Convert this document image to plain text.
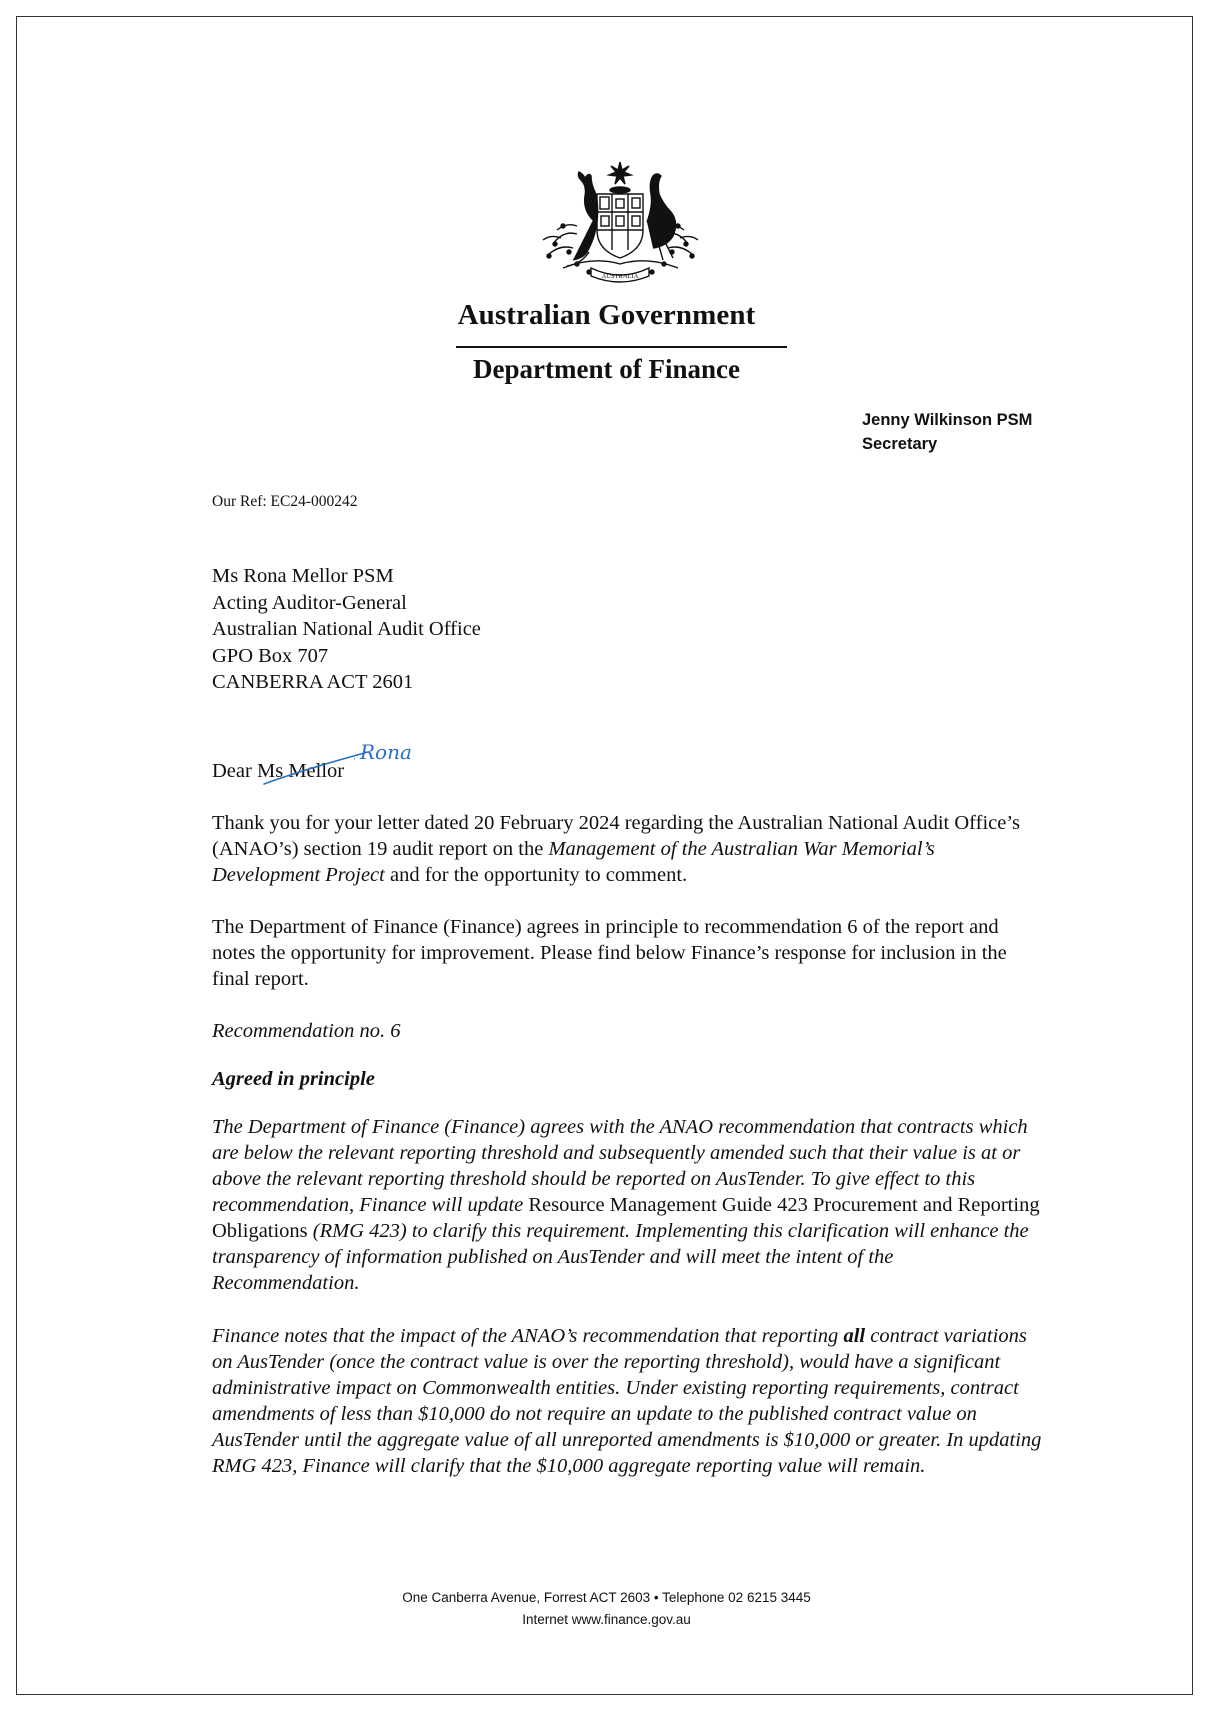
AUSTRALIA
Australian Government
Department of Finance
Jenny Wilkinson PSM
Secretary
Our Ref: EC24-000242
Ms Rona Mellor PSM
Acting Auditor-General
Australian National Audit Office
GPO Box 707
CANBERRA ACT 2601
Dear Ms Mellor
Rona
Thank you for your letter dated 20 February 2024 regarding the Australian National Audit Office’s (ANAO’s) section 19 audit report on the Management of the Australian War Memorial’s Development Project and for the opportunity to comment.
The Department of Finance (Finance) agrees in principle to recommendation 6 of the report and notes the opportunity for improvement. Please find below Finance’s response for inclusion in the final report.
Recommendation no. 6
Agreed in principle
The Department of Finance (Finance) agrees with the ANAO recommendation that contracts which are below the relevant reporting threshold and subsequently amended such that their value is at or above the relevant reporting threshold should be reported on AusTender. To give effect to this recommendation, Finance will update Resource Management Guide 423 Procurement and Reporting Obligations (RMG 423) to clarify this requirement. Implementing this clarification will enhance the transparency of information published on AusTender and will meet the intent of the Recommendation.
Finance notes that the impact of the ANAO’s recommendation that reporting all contract variations on AusTender (once the contract value is over the reporting threshold), would have a significant administrative impact on Commonwealth entities. Under existing reporting requirements, contract amendments of less than $10,000 do not require an update to the published contract value on AusTender until the aggregate value of all unreported amendments is $10,000 or greater. In updating RMG 423, Finance will clarify that the $10,000 aggregate reporting value will remain.
One Canberra Avenue, Forrest ACT 2603 • Telephone 02 6215 3445
Internet www.finance.gov.au
